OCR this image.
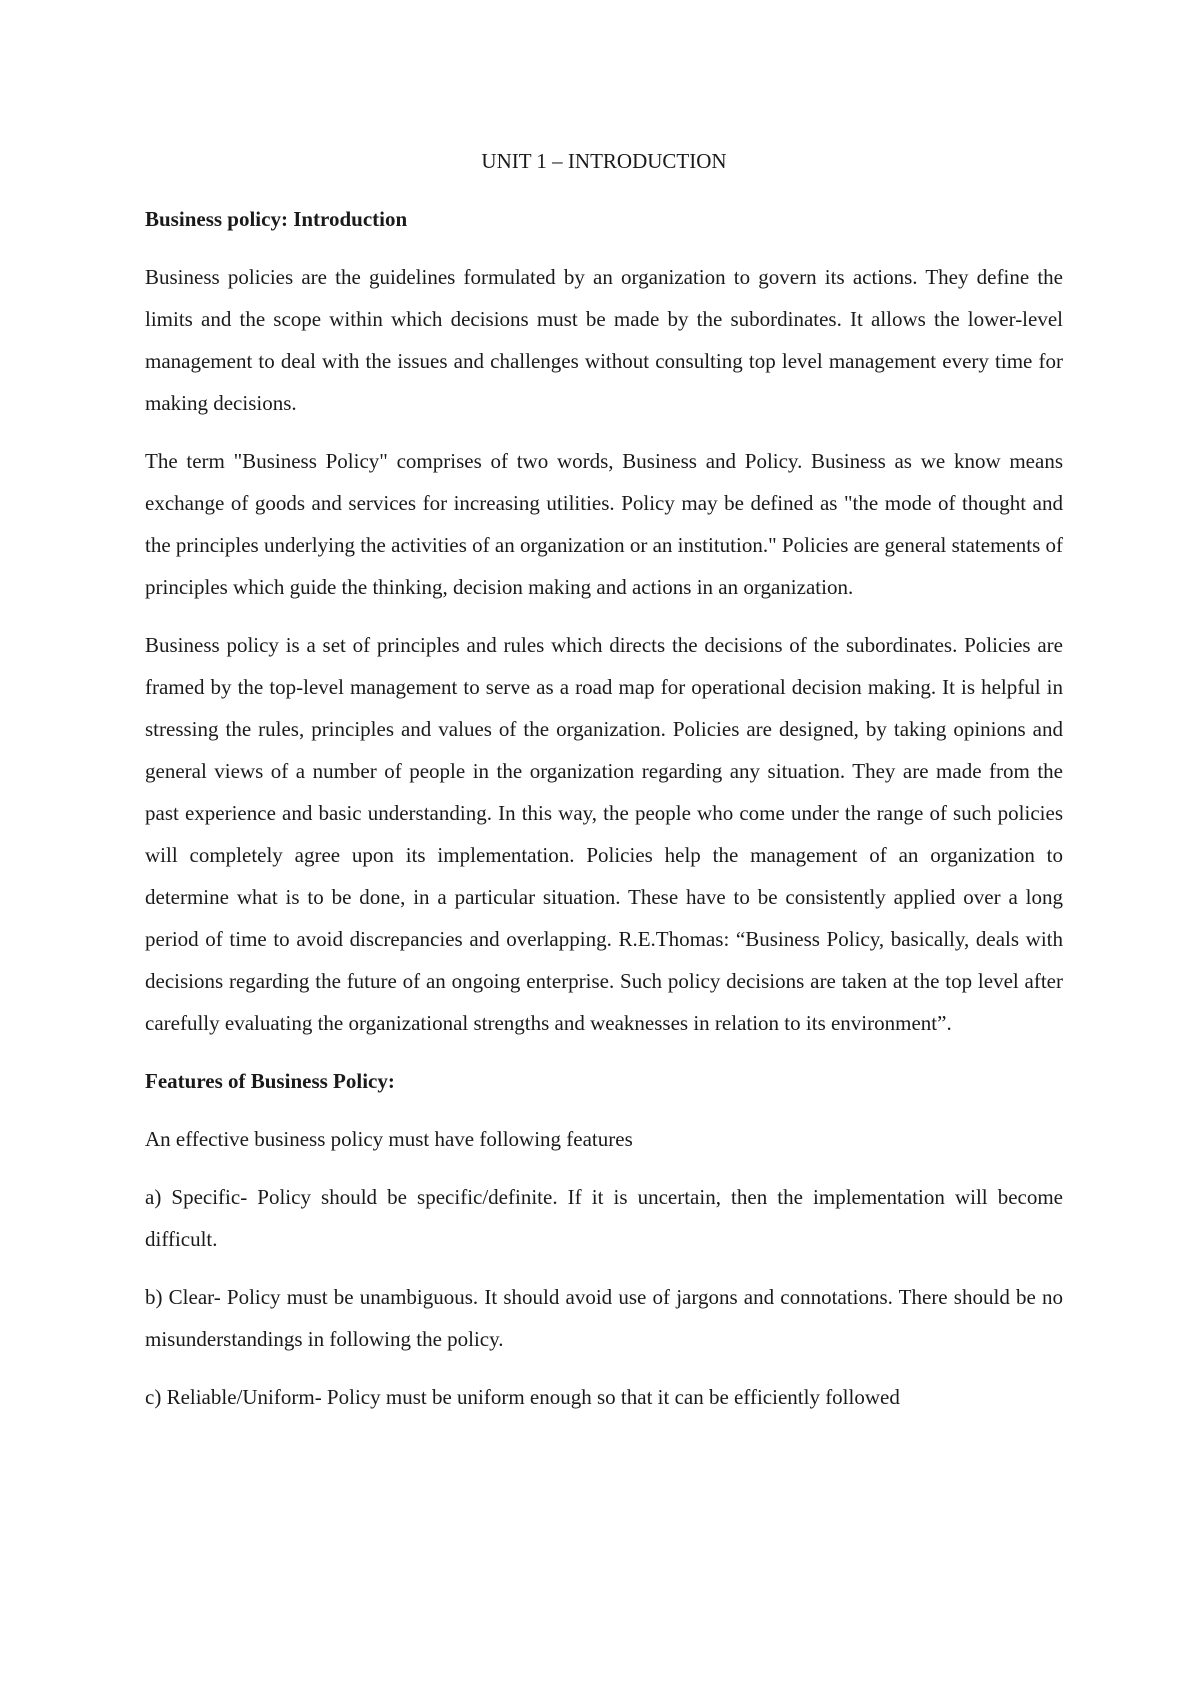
UNIT 1 – INTRODUCTION
Business policy: Introduction

Business policies are the guidelines formulated by an organization to govern its actions. They define the limits and the scope within which decisions must be made by the subordinates. It allows the lower-level management to deal with the issues and challenges without consulting top level management every time for making decisions.

The term "Business Policy" comprises of two words, Business and Policy. Business as we know means exchange of goods and services for increasing utilities. Policy may be defined as "the mode of thought and the principles underlying the activities of an organization or an institution." Policies are general statements of principles which guide the thinking, decision making and actions in an organization.

Business policy is a set of principles and rules which directs the decisions of the subordinates. Policies are framed by the top-level management to serve as a road map for operational decision making. It is helpful in stressing the rules, principles and values of the organization. Policies are designed, by taking opinions and general views of a number of people in the organization regarding any situation. They are made from the past experience and basic understanding. In this way, the people who come under the range of such policies will completely agree upon its implementation. Policies help the management of an organization to determine what is to be done, in a particular situation. These have to be consistently applied over a long period of time to avoid discrepancies and overlapping. R.E.Thomas: “Business Policy, basically, deals with decisions regarding the future of an ongoing enterprise. Such policy decisions are taken at the top level after carefully evaluating the organizational strengths and weaknesses in relation to its environment”.

Features of Business Policy:

An effective business policy must have following features

a) Specific- Policy should be specific/definite. If it is uncertain, then the implementation will become difficult.

b) Clear- Policy must be unambiguous. It should avoid use of jargons and connotations. There should be no misunderstandings in following the policy.

c) Reliable/Uniform- Policy must be uniform enough so that it can be efficiently followed
